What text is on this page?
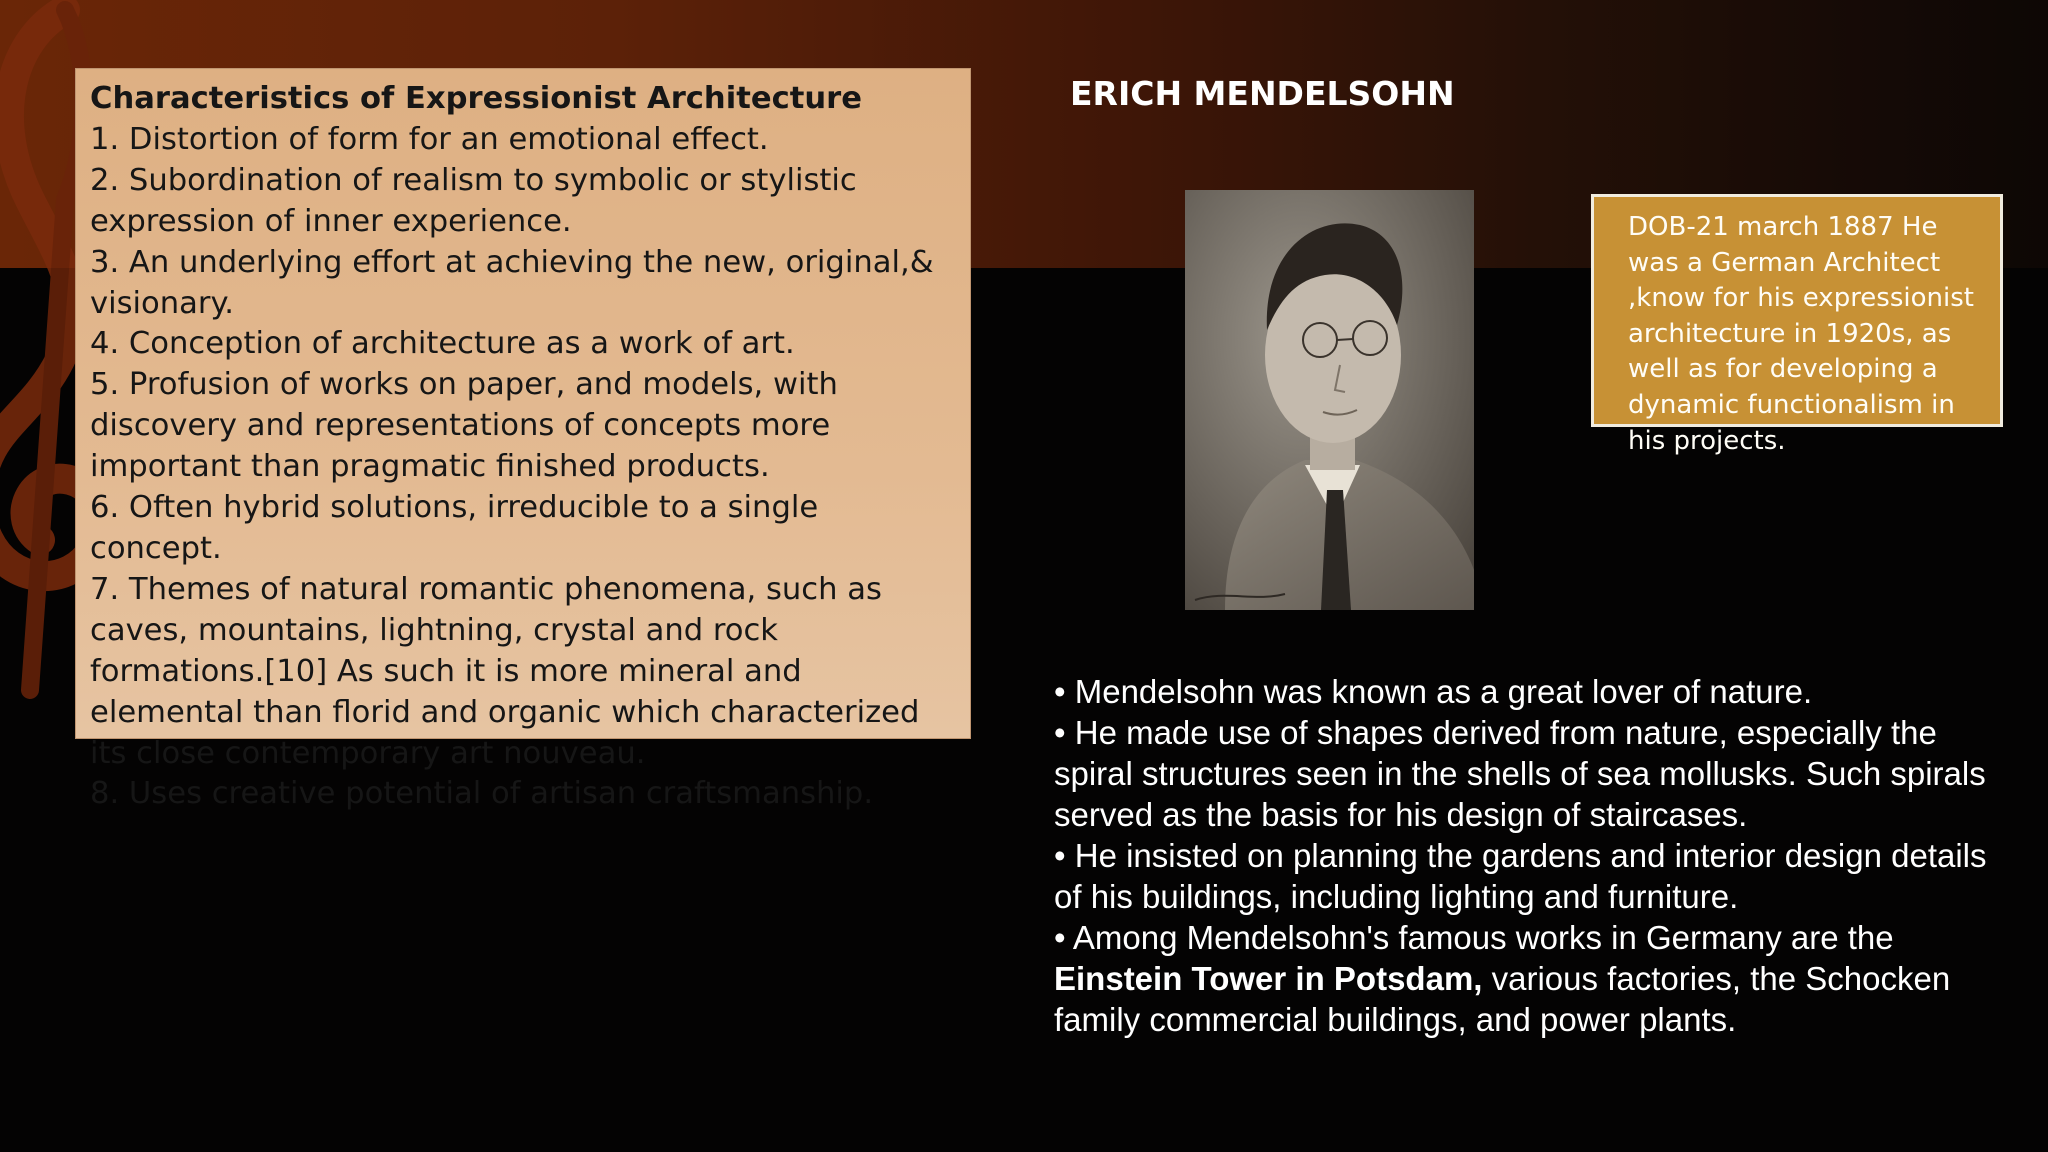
Characteristics of Expressionist Architecture
1. Distortion of form for an emotional effect.
2. Subordination of realism to symbolic or stylistic expression of inner experience.
3. An underlying effort at achieving the new, original,& visionary.
4. Conception of architecture as a work of art.
5. Profusion of works on paper, and models, with discovery and representations of concepts more important than pragmatic finished products.
6. Often hybrid solutions, irreducible to a single concept.
7. Themes of natural romantic phenomena, such as caves, mountains, lightning, crystal and rock formations.[10] As such it is more mineral and elemental than florid and organic which characterized its close contemporary art nouveau.
8. Uses creative potential of artisan craftsmanship.
ERICH MENDELSOHN
DOB-21 march 1887 He was a German Architect ,know for his expressionist architecture in 1920s, as well as for developing a dynamic functionalism in his projects.
• Mendelsohn was known as a great lover of nature.
• He made use of shapes derived from nature, especially the spiral structures seen in the shells of sea mollusks. Such spirals served as the basis for his design of staircases.
• He insisted on planning the gardens and interior design details of his buildings, including lighting and furniture.
• Among Mendelsohn's famous works in Germany are the Einstein Tower in Potsdam, various factories, the Schocken family commercial buildings, and power plants.
